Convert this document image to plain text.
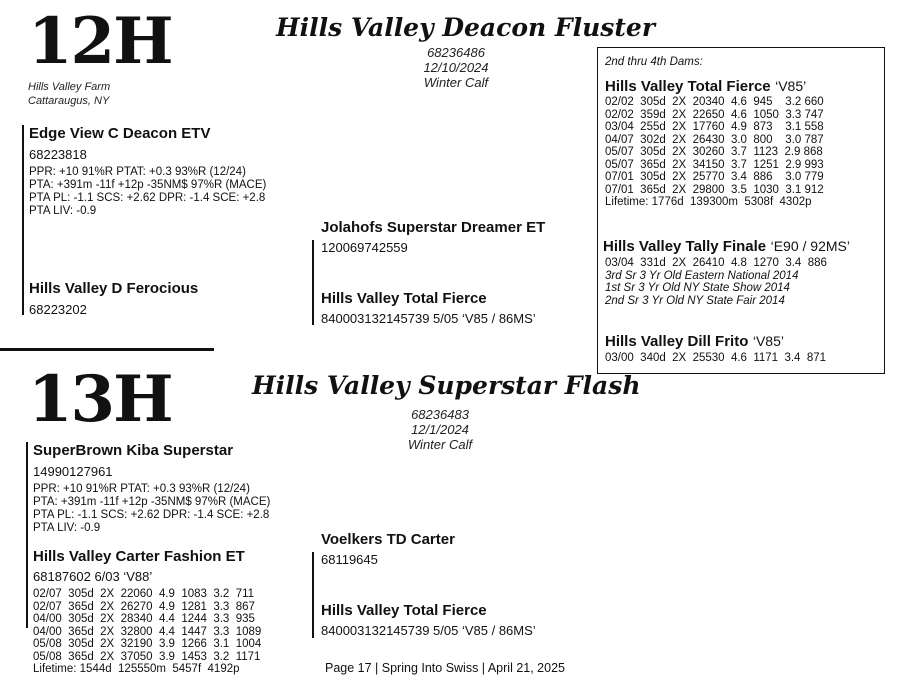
12H
Hills Valley Farm
Cattaraugus, NY
Hills Valley Deacon Fluster
68236486
12/10/2024
Winter Calf
Edge View C Deacon ETV
68223818
PPR: +10 91%R PTAT: +0.3 93%R (12/24)
PTA: +391m -11f +12p -35NM$ 97%R (MACE)
PTA PL: -1.1 SCS: +2.62 DPR: -1.4 SCE: +2.8
PTA LIV: -0.9
Hills Valley D Ferocious
68223202
Jolahofs Superstar Dreamer ET
120069742559
Hills Valley Total Fierce
840003132145739 5/05 ‘V85 / 86MS’
2nd thru 4th Dams:
Hills Valley Total Fierce ‘V85’
02/02  305d  2X  20340  4.6  945    3.2 660
02/02  359d  2X  22650  4.6  1050  3.3 747
03/04  255d  2X  17760  4.9  873    3.1 558
04/07  302d  2X  26430  3.0  800    3.0 787
05/07  305d  2X  30260  3.7  1123  2.9 868
05/07  365d  2X  34150  3.7  1251  2.9 993
07/01  305d  2X  25770  3.4  886    3.0 779
07/01  365d  2X  29800  3.5  1030  3.1 912
Lifetime: 1776d  139300m  5308f  4302p
Hills Valley Tally Finale ‘E90 / 92MS’
03/04  331d  2X  26410  4.8  1270  3.4  886
3rd Sr 3 Yr Old Eastern National 2014
1st Sr 3 Yr Old NY State Show 2014
2nd Sr 3 Yr Old NY State Fair 2014
Hills Valley Dill Frito ‘V85’
03/00  340d  2X  25530  4.6  1171  3.4  871
13H	Hills Valley Superstar Flash
68236483
12/1/2024
Winter Calf
SuperBrown Kiba Superstar
14990127961
PPR: +10 91%R PTAT: +0.3 93%R (12/24)
PTA: +391m -11f +12p -35NM$ 97%R (MACE)
PTA PL: -1.1 SCS: +2.62 DPR: -1.4 SCE: +2.8
PTA LIV: -0.9
Hills Valley Carter Fashion ET
68187602 6/03 ‘V88’
02/07  305d  2X  22060  4.9  1083  3.2  711
02/07  365d  2X  26270  4.9  1281  3.3  867
04/00  305d  2X  28340  4.4  1244  3.3  935
04/00  365d  2X  32800  4.4  1447  3.3  1089
05/08  305d  2X  32190  3.9  1266  3.1  1004
05/08  365d  2X  37050  3.9  1453  3.2  1171
Lifetime: 1544d  125550m  5457f  4192p
Voelkers TD Carter
68119645
Hills Valley Total Fierce
840003132145739 5/05 ‘V85 / 86MS’
Page 17 | Spring Into Swiss | April 21, 2025
